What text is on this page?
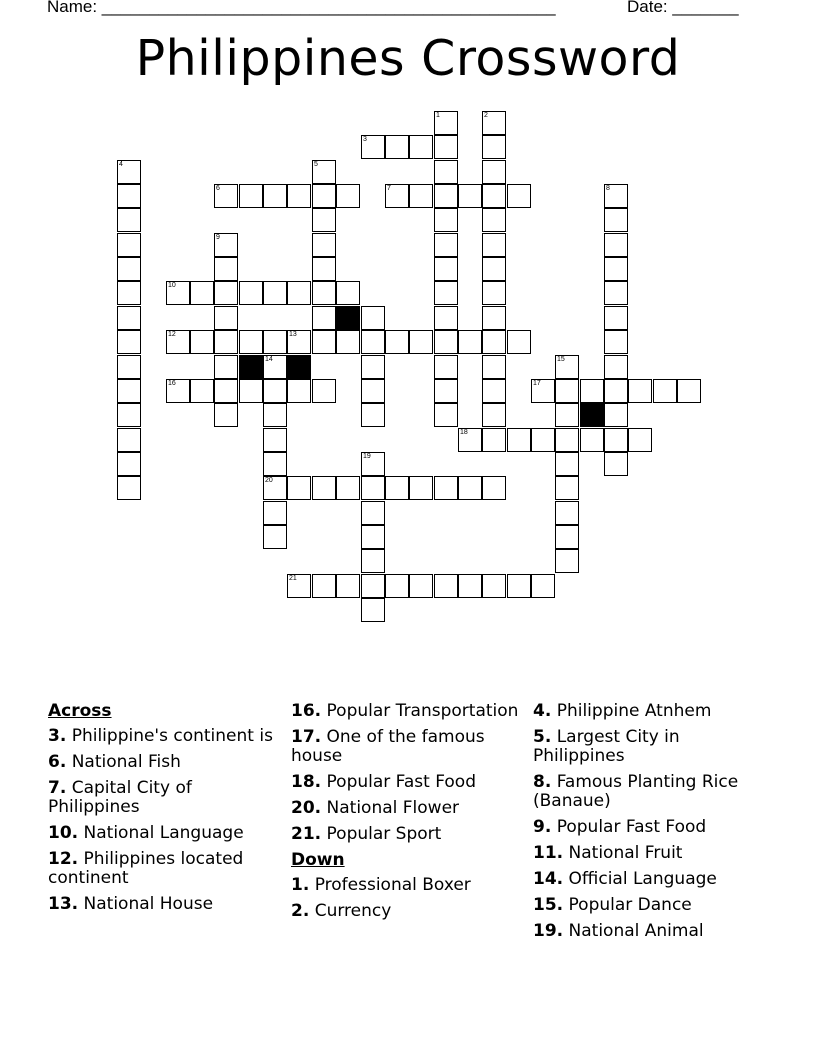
Name: ________________________________________________	Date: _______
Philippines Crossword
3
6	7
10
12	13
16	17
18
20
21
1	2
4	5
8
9
14	15
19
Across
3. Philippine's continent is
6. National Fish
7. Capital City of Philippines
10. National Language
12. Philippines located continent
13. National House
16. Popular Transportation
17. One of the famous house
18. Popular Fast Food
20. National Flower
21. Popular Sport
Down
1. Professional Boxer
2. Currency
4. Philippine Atnhem
5. Largest City in Philippines
8. Famous Planting Rice (Banaue)
9. Popular Fast Food
11. National Fruit
14. Official Language
15. Popular Dance
19. National Animal
